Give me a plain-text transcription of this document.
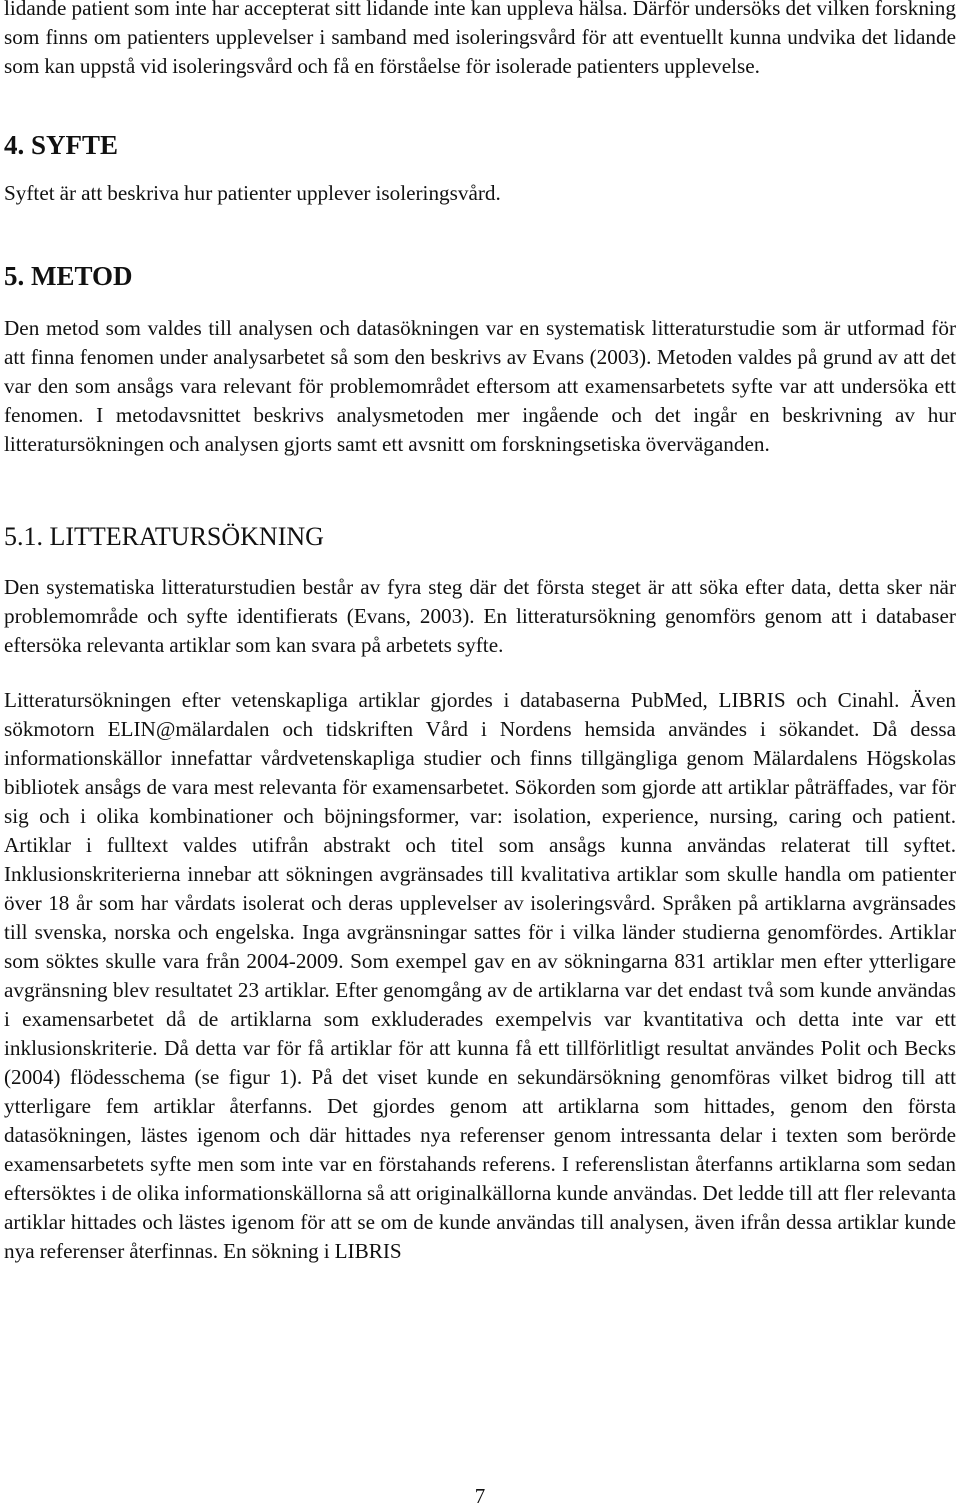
lidande patient som inte har accepterat sitt lidande inte kan uppleva hälsa. Därför undersöks det vilken forskning som finns om patienters upplevelser i samband med isoleringsvård för att eventuellt kunna undvika det lidande som kan uppstå vid isoleringsvård och få en förståelse för isolerade patienters upplevelse.

4. SYFTE

Syftet är att beskriva hur patienter upplever isoleringsvård.

5. METOD

Den metod som valdes till analysen och datasökningen var en systematisk litteraturstudie som är utformad för att finna fenomen under analysarbetet så som den beskrivs av Evans (2003). Metoden valdes på grund av att det var den som ansågs vara relevant för problemområdet eftersom att examensarbetets syfte var att undersöka ett fenomen. I metodavsnittet beskrivs analysmetoden mer ingående och det ingår en beskrivning av hur litteratursökningen och analysen gjorts samt ett avsnitt om forskningsetiska överväganden.

5.1. LITTERATURSÖKNING

Den systematiska litteraturstudien består av fyra steg där det första steget är att söka efter data, detta sker när problemområde och syfte identifierats (Evans, 2003). En litteratursökning genomförs genom att i databaser eftersöka relevanta artiklar som kan svara på arbetets syfte.

Litteratursökningen efter vetenskapliga artiklar gjordes i databaserna PubMed, LIBRIS och Cinahl. Även sökmotorn ELIN@mälardalen och tidskriften Vård i Nordens hemsida användes i sökandet. Då dessa informationskällor innefattar vårdvetenskapliga studier och finns tillgängliga genom Mälardalens Högskolas bibliotek ansågs de vara mest relevanta för examensarbetet. Sökorden som gjorde att artiklar påträffades, var för sig och i olika kombinationer och böjningsformer, var: isolation, experience, nursing, caring och patient. Artiklar i fulltext valdes utifrån abstrakt och titel som ansågs kunna användas relaterat till syftet. Inklusionskriterierna innebar att sökningen avgränsades till kvalitativa artiklar som skulle handla om patienter över 18 år som har vårdats isolerat och deras upplevelser av isoleringsvård. Språken på artiklarna avgränsades till svenska, norska och engelska. Inga avgränsningar sattes för i vilka länder studierna genomfördes. Artiklar som söktes skulle vara från 2004-2009. Som exempel gav en av sökningarna 831 artiklar men efter ytterligare avgränsning blev resultatet 23 artiklar. Efter genomgång av de artiklarna var det endast två som kunde användas i examensarbetet då de artiklarna som exkluderades exempelvis var kvantitativa och detta inte var ett inklusionskriterie. Då detta var för få artiklar för att kunna få ett tillförlitligt resultat användes Polit och Becks (2004) flödesschema (se figur 1). På det viset kunde en sekundärsökning genomföras vilket bidrog till att ytterligare fem artiklar återfanns. Det gjordes genom att artiklarna som hittades, genom den första datasökningen, lästes igenom och där hittades nya referenser genom intressanta delar i texten som berörde examensarbetets syfte men som inte var en förstahands referens. I referenslistan återfanns artiklarna som sedan eftersöktes i de olika informationskällorna så att originalkällorna kunde användas. Det ledde till att fler relevanta artiklar hittades och lästes igenom för att se om de kunde användas till analysen, även ifrån dessa artiklar kunde nya referenser återfinnas. En sökning i LIBRIS

7
